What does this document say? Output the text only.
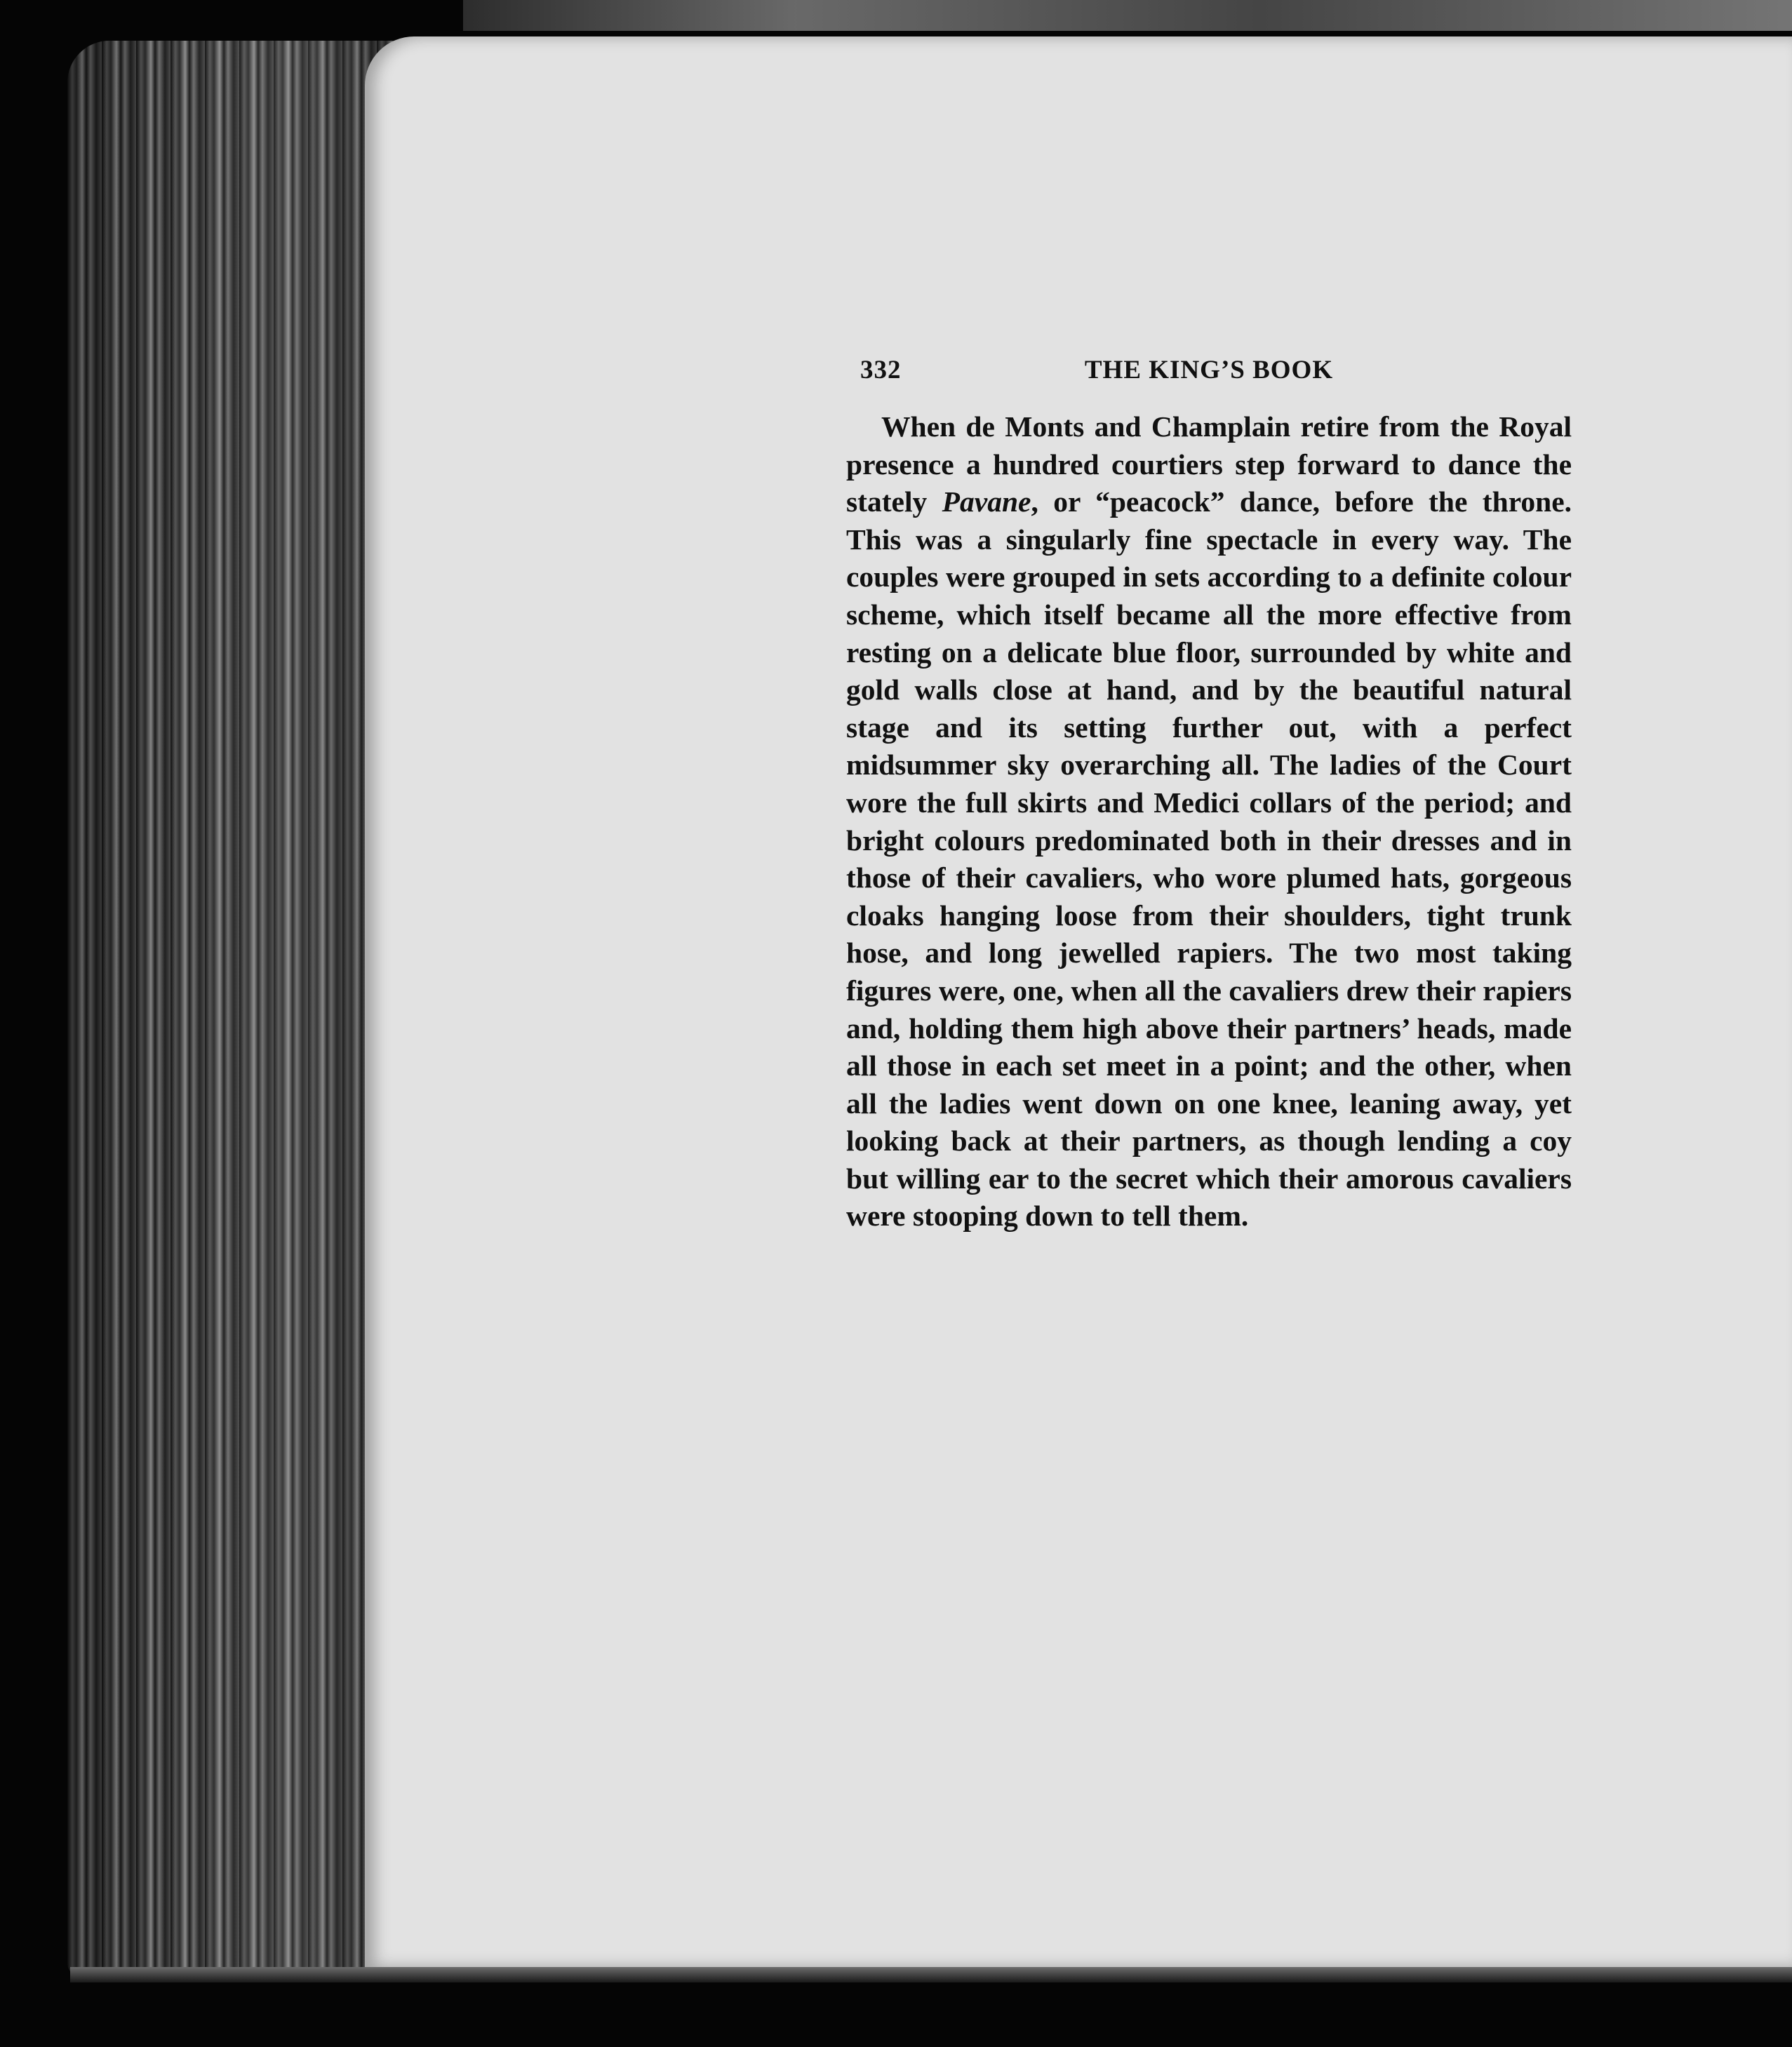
332	THE KING’S BOOK

When de Monts and Champlain retire from the Royal presence a hundred courtiers step forward to dance the stately Pavane, or “peacock” dance, before the throne. This was a singularly fine spectacle in every way. The couples were grouped in sets according to a definite colour scheme, which itself became all the more effective from resting on a delicate blue floor, surrounded by white and gold walls close at hand, and by the beautiful natural stage and its setting further out, with a perfect midsummer sky overarching all. The ladies of the Court wore the full skirts and Medici collars of the period; and bright colours predominated both in their dresses and in those of their cavaliers, who wore plumed hats, gorgeous cloaks hanging loose from their shoulders, tight trunk hose, and long jewelled rapiers. The two most taking figures were, one, when all the cavaliers drew their rapiers and, holding them high above their partners’ heads, made all those in each set meet in a point; and the other, when all the ladies went down on one knee, leaning away, yet looking back at their partners, as though lending a coy but willing ear to the secret which their amorous cavaliers were stooping down to tell them.
